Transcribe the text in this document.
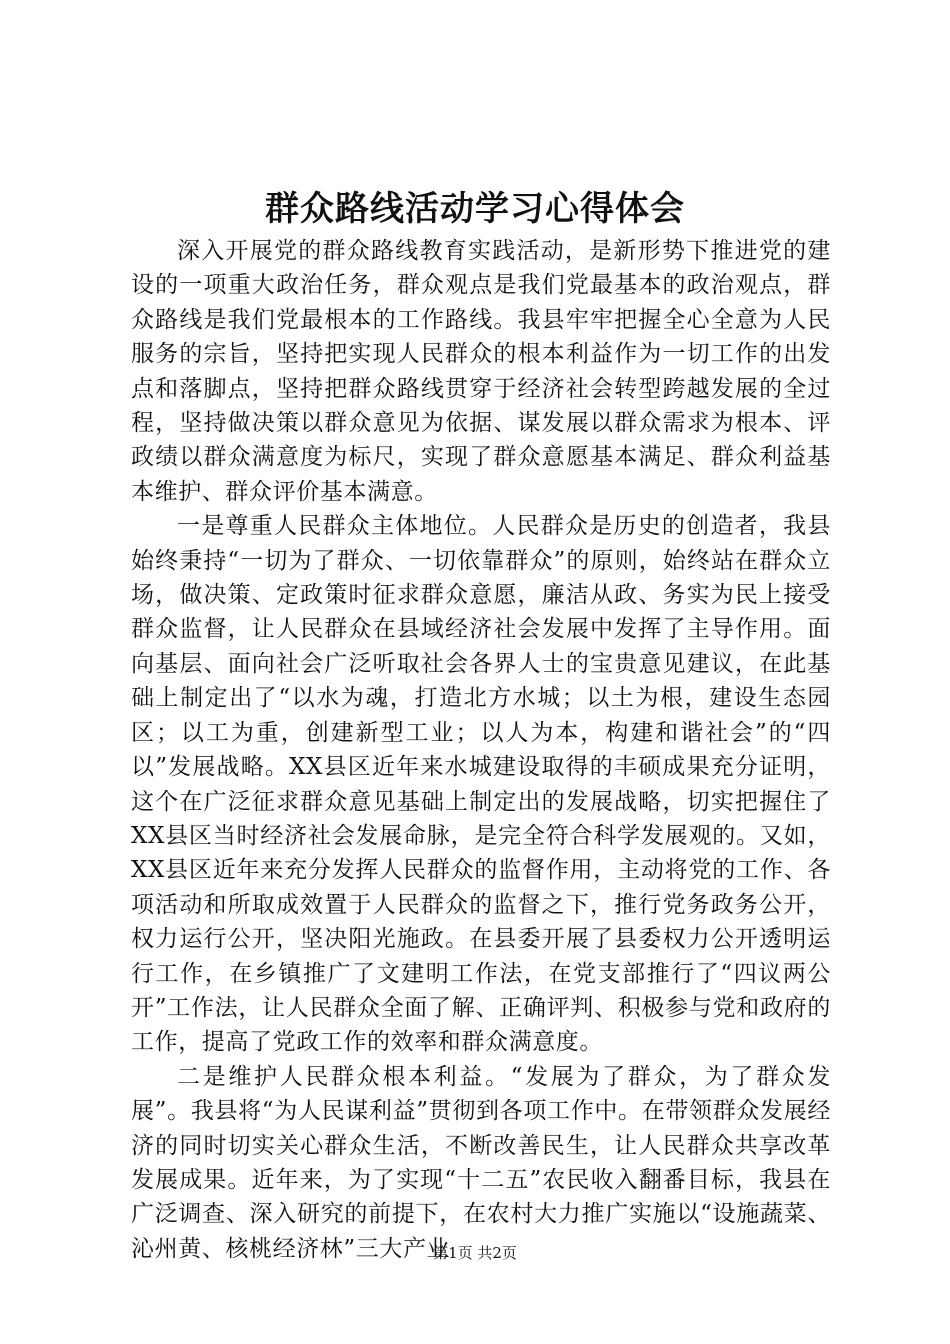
群众路线活动学习心得体会

深入开展党的群众路线教育实践活动，是新形势下推进党的建设的一项重大政治任务，群众观点是我们党最基本的政治观点，群众路线是我们党最根本的工作路线。我县牢牢把握全心全意为人民服务的宗旨，坚持把实现人民群众的根本利益作为一切工作的出发点和落脚点，坚持把群众路线贯穿于经济社会转型跨越发展的全过程，坚持做决策以群众意见为依据、谋发展以群众需求为根本、评政绩以群众满意度为标尺，实现了群众意愿基本满足、群众利益基本维护、群众评价基本满意。

一是尊重人民群众主体地位。人民群众是历史的创造者，我县始终秉持“一切为了群众、一切依靠群众”的原则，始终站在群众立场，做决策、定政策时征求群众意愿，廉洁从政、务实为民上接受群众监督，让人民群众在县域经济社会发展中发挥了主导作用。面向基层、面向社会广泛听取社会各界人士的宝贵意见建议，在此基础上制定出了“以水为魂，打造北方水城；以土为根，建设生态园区；以工为重，创建新型工业；以人为本，构建和谐社会”的“四以”发展战略。XX县区近年来水城建设取得的丰硕成果充分证明，这个在广泛征求群众意见基础上制定出的发展战略，切实把握住了XX县区当时经济社会发展命脉，是完全符合科学发展观的。又如，XX县区近年来充分发挥人民群众的监督作用，主动将党的工作、各项活动和所取成效置于人民群众的监督之下，推行党务政务公开，权力运行公开，坚决阳光施政。在县委开展了县委权力公开透明运行工作，在乡镇推广了文建明工作法，在党支部推行了“四议两公开”工作法，让人民群众全面了解、正确评判、积极参与党和政府的工作，提高了党政工作的效率和群众满意度。

二是维护人民群众根本利益。“发展为了群众，为了群众发展”。我县将“为人民谋利益”贯彻到各项工作中。在带领群众发展经济的同时切实关心群众生活，不断改善民生，让人民群众共享改革发展成果。近年来，为了实现“十二五”农民收入翻番目标，我县在广泛调查、深入研究的前提下，在农村大力推广实施以“设施蔬菜、沁州黄、核桃经济林”三大产业

第1页 共2页
